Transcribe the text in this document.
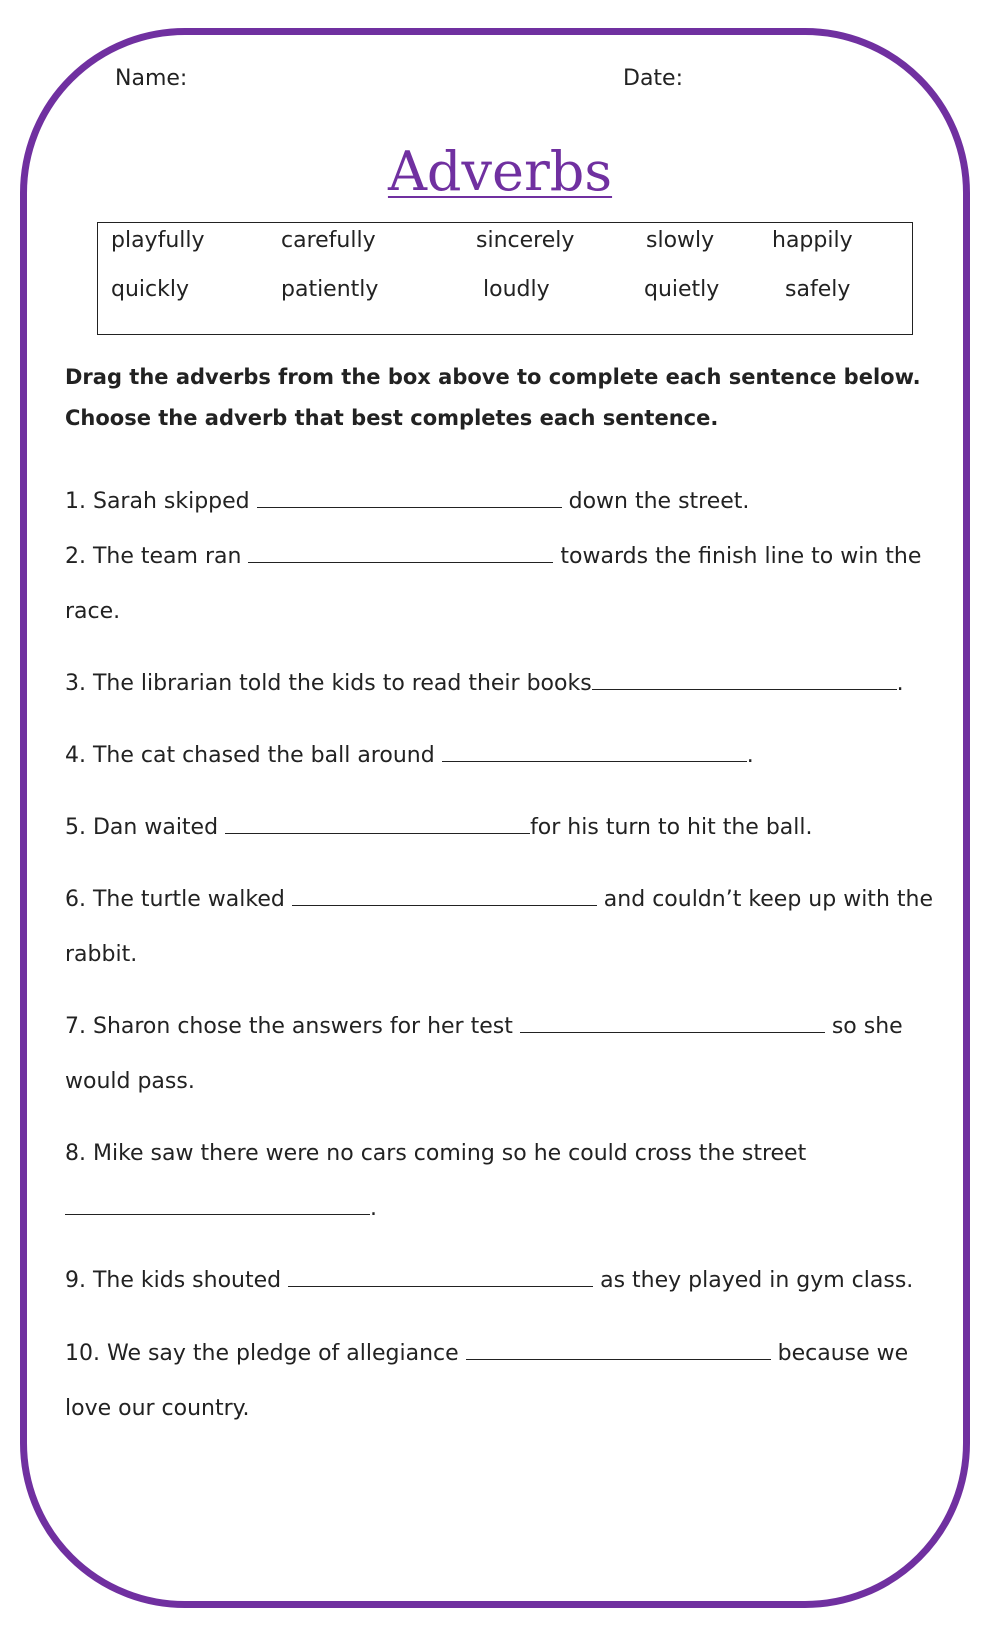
Name:	Date:
Adverbs
playfully	carefully	sincerely	slowly	happily
quickly	patiently	loudly	quietly	safely
Drag the adverbs from the box above to complete each sentence below.
Choose the adverb that best completes each sentence.
1. Sarah skipped	down the street.
2. The team ran	towards the finish line to win the
race.
3. The librarian told the kids to read their books	.
4. The cat chased the ball around	.
5. Dan waited	for his turn to hit the ball.
6. The turtle walked	and couldn’t keep up with the
rabbit.
7. Sharon chose the answers for her test	so she
would pass.
8. Mike saw there were no cars coming so he could cross the street
.
9. The kids shouted	as they played in gym class.
10. We say the pledge of allegiance	because we
love our country.
